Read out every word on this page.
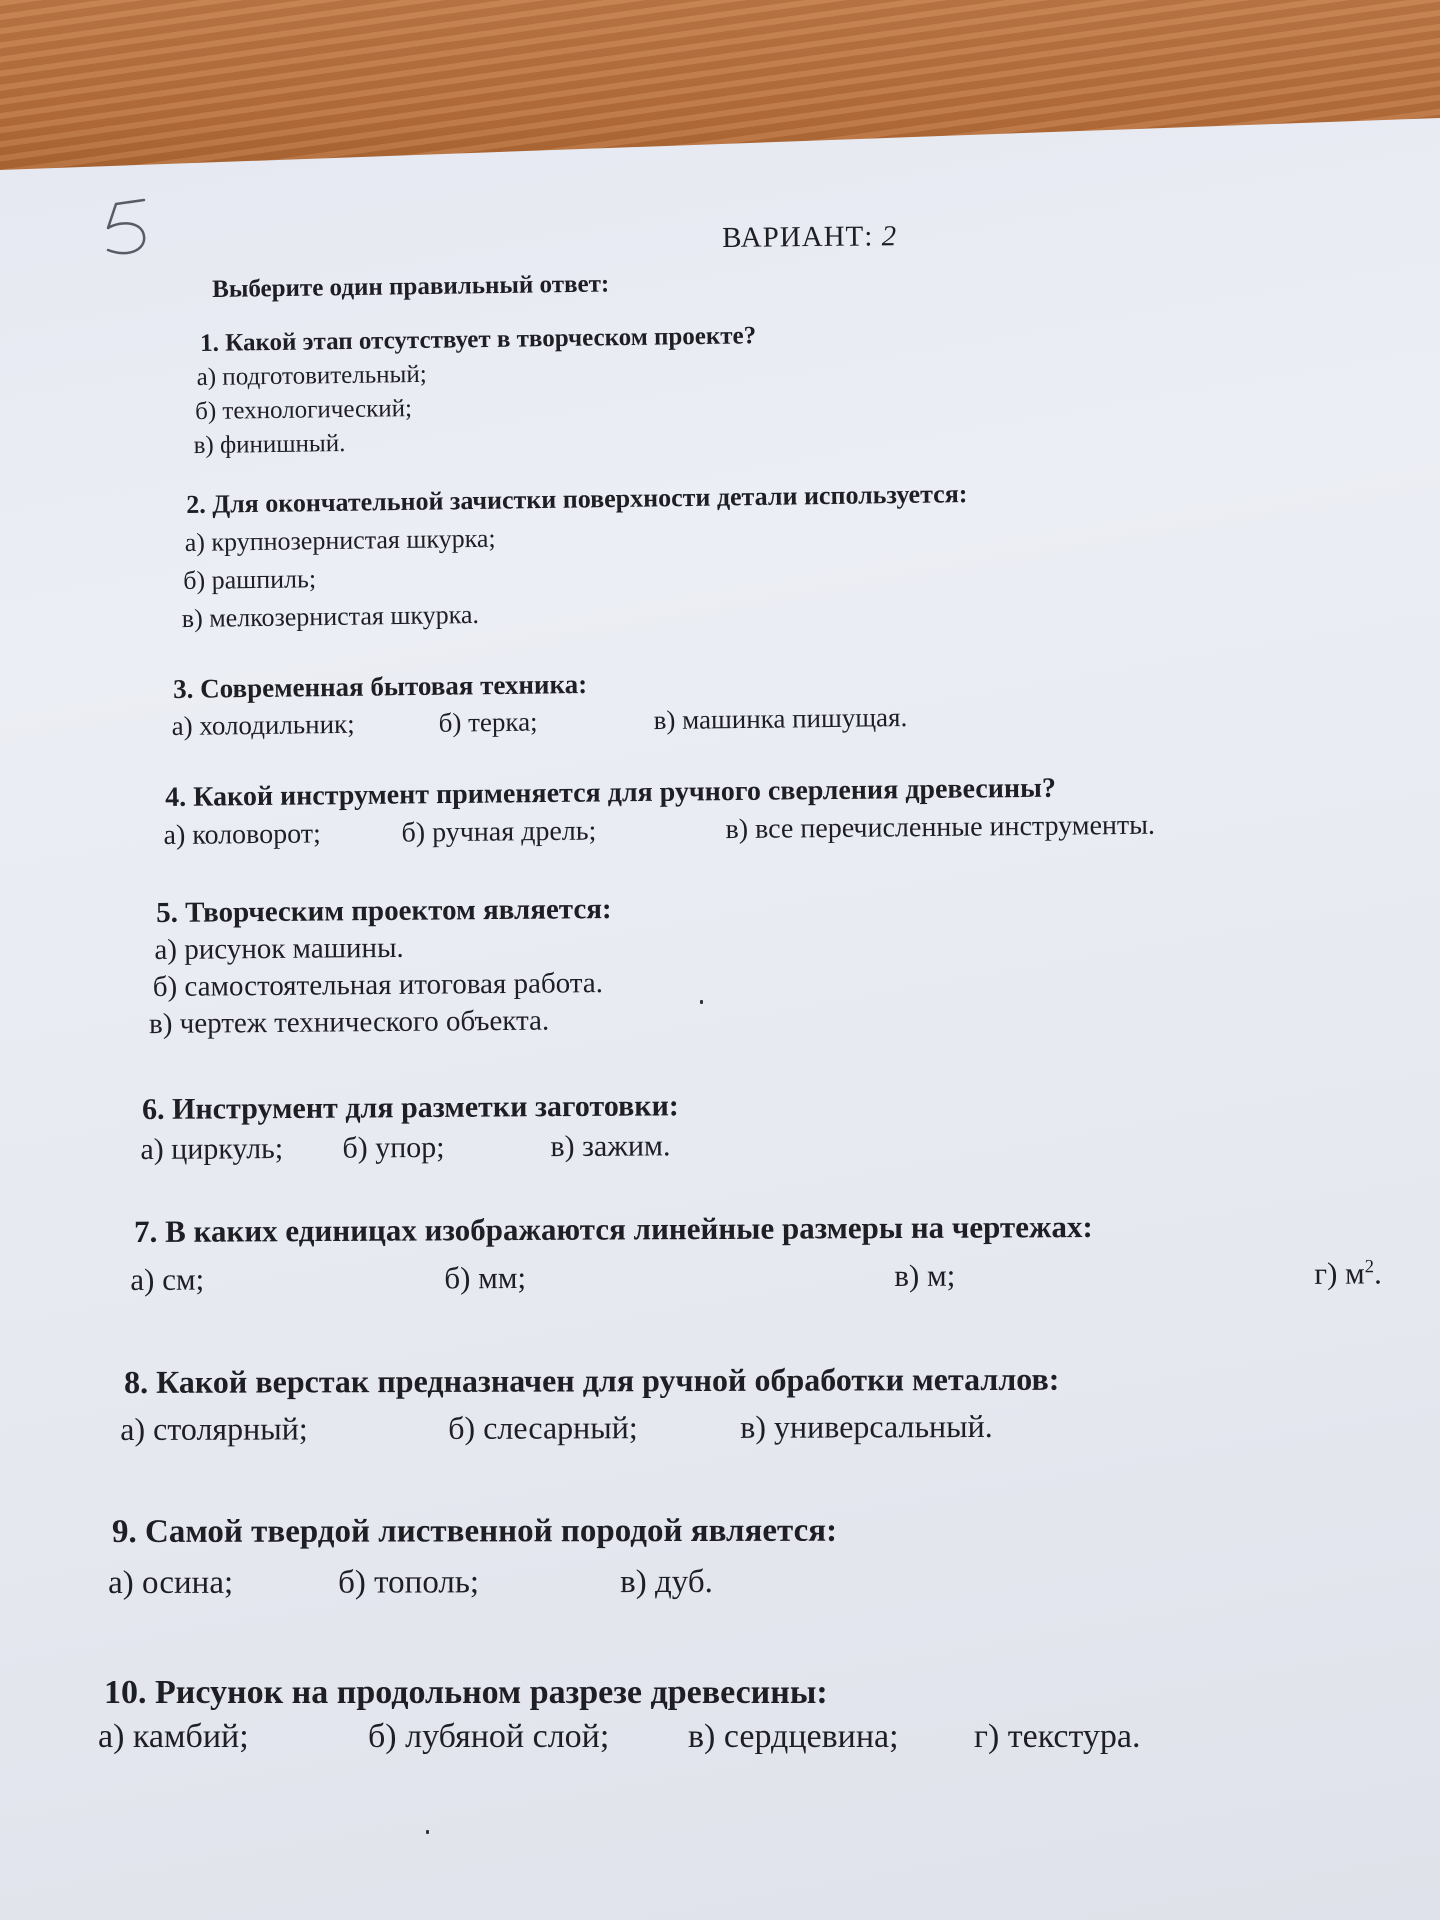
ВАРИАНТ: 2
Выберите один правильный ответ:
1. Какой этап отсутствует в творческом проекте?
а) подготовительный;
б) технологический;
в) финишный.
2. Для окончательной зачистки поверхности детали используется:
а) крупнозернистая шкурка;
б) рашпиль;
в) мелкозернистая шкурка.
3. Современная бытовая техника:
а) холодильник;	б) терка;	в) машинка пишущая.
4. Какой инструмент применяется для ручного сверления древесины?
а) коловорот;	б) ручная дрель;	в) все перечисленные инструменты.
5. Творческим проектом является:
а) рисунок машины.
б) самостоятельная итоговая работа.
в) чертеж технического объекта.
6. Инструмент для разметки заготовки:
а) циркуль; б) упор;	в) зажим.
7. В каких единицах изображаются линейные размеры на чертежах:
а) см;	б) мм;	в) м;	г) $м^2$.
8. Какой верстак предназначен для ручной обработки металлов:
а) столярный;	б) слесарный;	в) универсальный.
9. Самой твердой лиственной породой является:
а) осина;	б) тополь;	в) дуб.
10. Рисунок на продольном разрезе древесины:
а) камбий;	б) лубяной слой; в) сердцевина; г) текстура.
